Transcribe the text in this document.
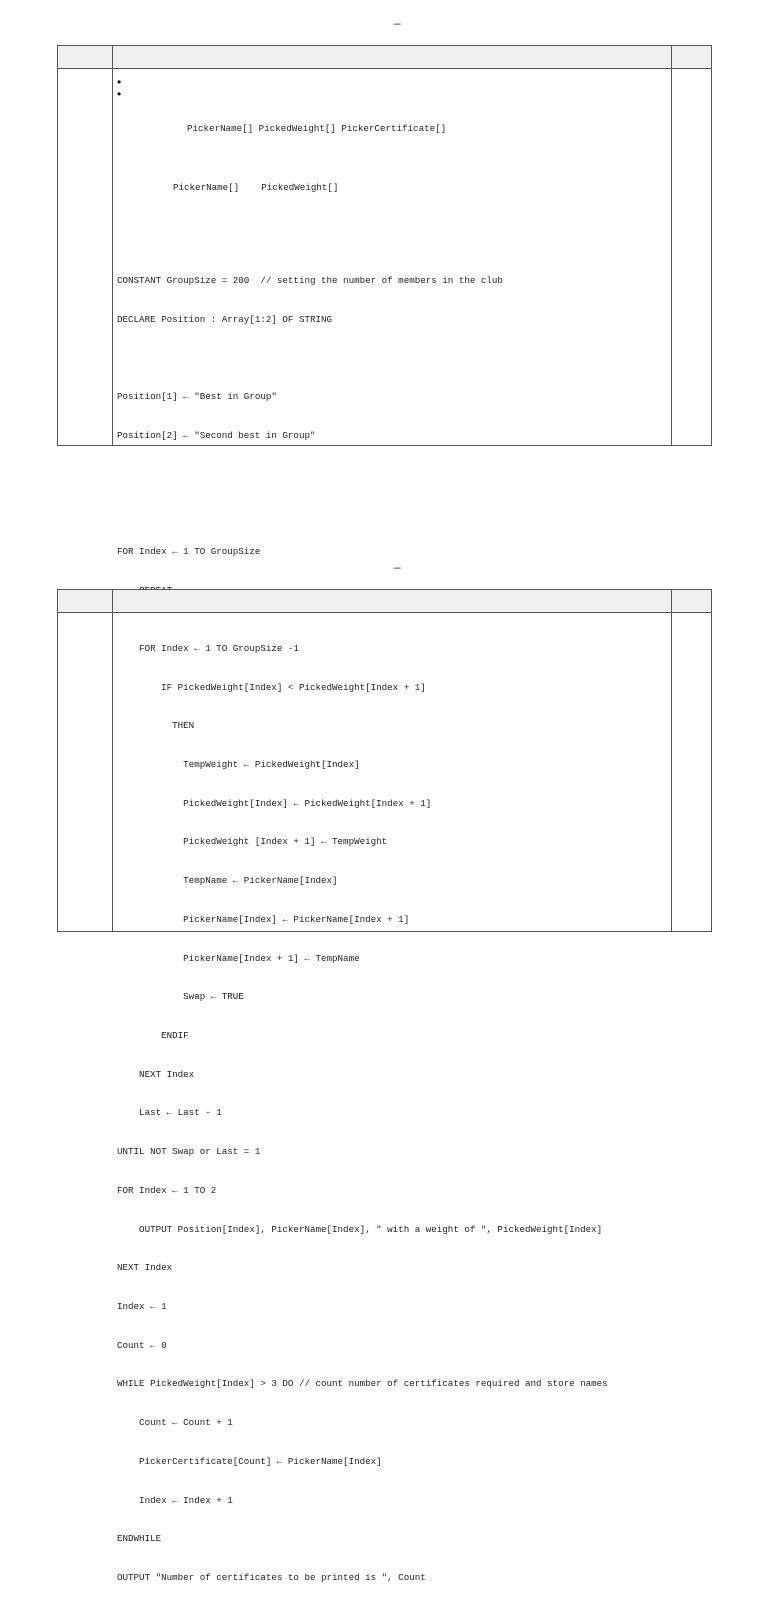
–
•
•
PickerName[] PickedWeight[] PickerCertificate[]
PickerName[]    PickedWeight[]

CONSTANT GroupSize = 200  // setting the number of members in the club

DECLARE Position : Array[1:2] OF STRING

Position[1] ← "Best in Group"

Position[2] ← "Second best in Group"

FOR Index ← 1 TO GroupSize

–

FOR Index ← 1 TO GroupSize -1

IF PickedWeight[Index] < PickedWeight[Index + 1]

THEN

TempWeight ← PickedWeight[Index]

PickedWeight[Index] ← PickedWeight[Index + 1]

PickedWeight [Index + 1] ← TempWeight

TempName ← PickerName[Index]

PickerName[Index] ← PickerName[Index + 1]

PickerName[Index + 1] ← TempName

Swap ← TRUE

ENDIF

NEXT Index

Last ← Last - 1

UNTIL NOT Swap or Last = 1

FOR Index ← 1 TO 2

OUTPUT Position[Index], PickerName[Index], " with a weight of ", PickedWeight[Index]

NEXT Index

Index ← 1

Count ← 0

WHILE PickedWeight[Index] > 3 DO // count number of certificates required and store names

Count ← Count + 1

PickerCertificate[Count] ← PickerName[Index]

Index ← Index + 1

ENDWHILE

OUTPUT "Number of certificates to be printed is ", Count
